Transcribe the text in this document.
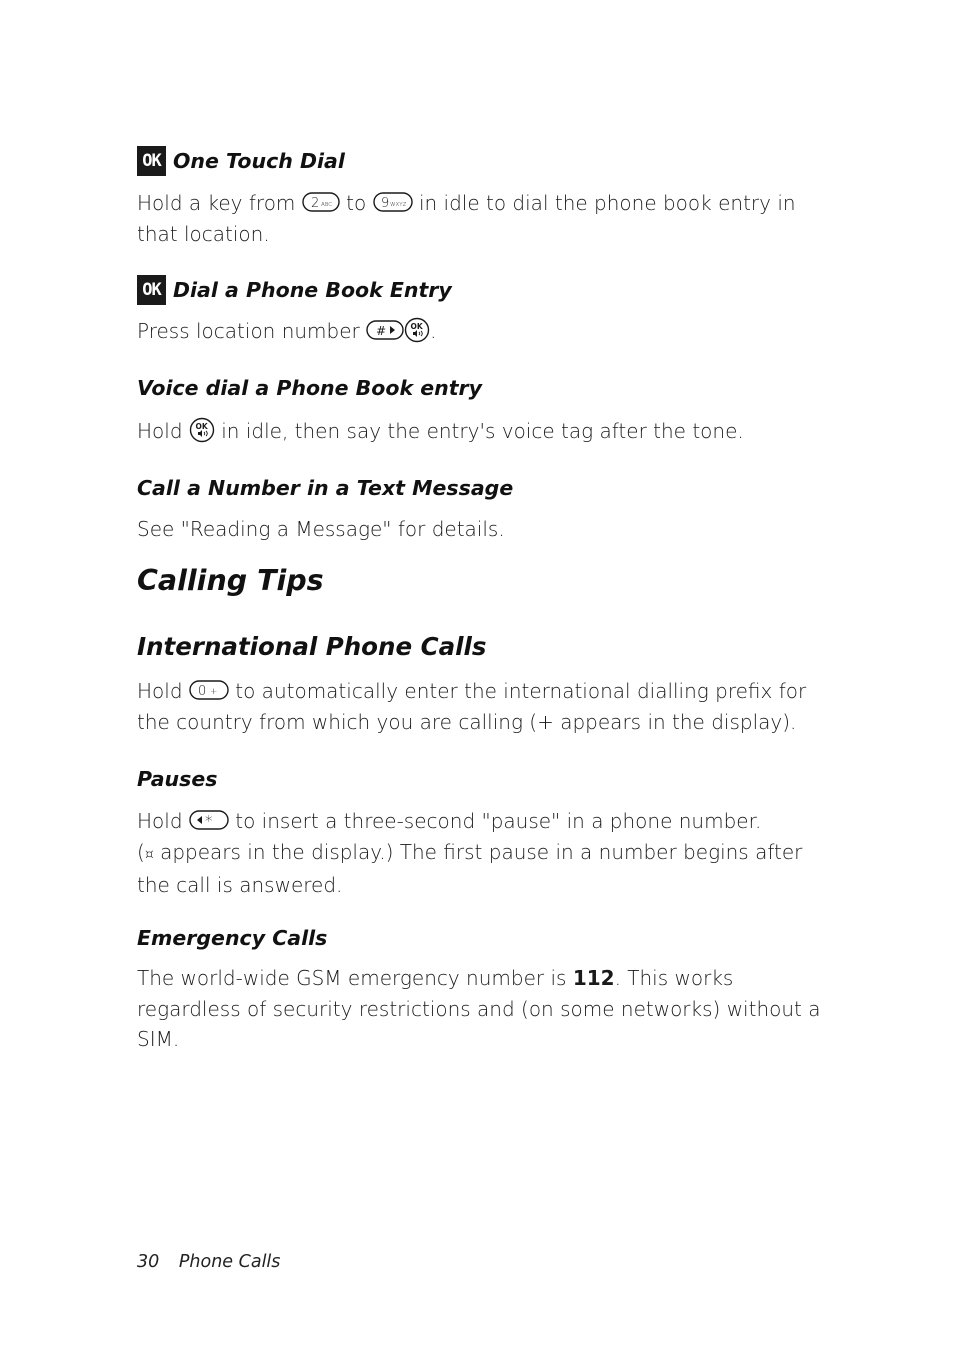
OK One Touch Dial
Hold a key from 2 ABC to 9 WXYZ in idle to dial the phone book entry in that location.
OK Dial a Phone Book Entry
Press location number #	OK .
Voice dial a Phone Book entry
Hold OK in idle, then say the entry's voice tag after the tone.
Call a Number in a Text Message
See "Reading a Message" for details.
Calling Tips
International Phone Calls
Hold 0 + to automatically enter the international dialling prefix for the country from which you are calling (+ appears in the display).
Pauses
Hold * to insert a three-second "pause" in a phone number.
(¤ appears in the display.) The first pause in a number begins after the call is answered.
Emergency Calls
The world-wide GSM emergency number is 112. This works regardless of security restrictions and (on some networks) without a SIM.
30 Phone Calls
